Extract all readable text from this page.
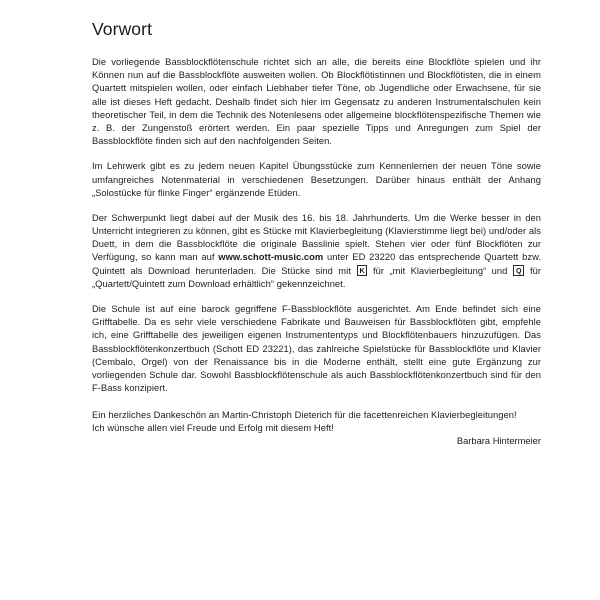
Vorwort

Die vorliegende Bassblockflötenschule richtet sich an alle, die bereits eine Blockflöte spielen und ihr Können nun auf die Bassblockflöte ausweiten wollen. Ob Blockflötistinnen und Blockflötisten, die in einem Quartett mitspielen wollen, oder einfach Liebhaber tiefer Töne, ob Jugendliche oder Erwachsene, für sie alle ist dieses Heft gedacht. Deshalb findet sich hier im Gegensatz zu anderen Instrumentalschulen kein theoretischer Teil, in dem die Technik des Notenlesens oder allgemeine blockflötenspezifische Themen wie z. B. der Zungenstoß erörtert werden. Ein paar spezielle Tipps und Anregungen zum Spiel der Bassblockflöte finden sich auf den nachfolgenden Seiten.

Im Lehrwerk gibt es zu jedem neuen Kapitel Übungsstücke zum Kennenlernen der neuen Töne sowie umfangreiches Notenmaterial in verschiedenen Besetzungen. Darüber hinaus enthält der Anhang „Solostücke für flinke Finger“ ergänzende Etüden.

Der Schwerpunkt liegt dabei auf der Musik des 16. bis 18. Jahrhunderts. Um die Werke besser in den Unterricht integrieren zu können, gibt es Stücke mit Klavierbegleitung (Klavierstimme liegt bei) und/oder als Duett, in dem die Bassblockflöte die originale Basslinie spielt. Stehen vier oder fünf Blockflöten zur Verfügung, so kann man auf www.schott-music.com unter ED 23220 das entsprechende Quartett bzw. Quintett als Download herunterladen. Die Stücke sind mit K für „mit Klavierbegleitung“ und Q für „Quartett/Quintett zum Download erhältlich“ gekennzeichnet.

Die Schule ist auf eine barock gegriffene F-Bassblockflöte ausgerichtet. Am Ende befindet sich eine Grifftabelle. Da es sehr viele verschiedene Fabrikate und Bauweisen für Bassblockflöten gibt, empfehle ich, eine Grifftabelle des jeweiligen eigenen Instrumententyps und Blockflötenbauers hinzuzufügen. Das Bassblockflötenkonzertbuch (Schott ED 23221), das zahlreiche Spielstücke für Bassblockflöte und Klavier (Cembalo, Orgel) von der Renaissance bis in die Moderne enthält, stellt eine gute Ergänzung zur vorliegenden Schule dar. Sowohl Bassblockflötenschule als auch Bassblockflötenkonzertbuch sind für den F-Bass konzipiert.

Ein herzliches Dankeschön an Martin-Christoph Dieterich für die facettenreichen Klavierbegleitungen!

Ich wünsche allen viel Freude und Erfolg mit diesem Heft!

Barbara Hintermeier
